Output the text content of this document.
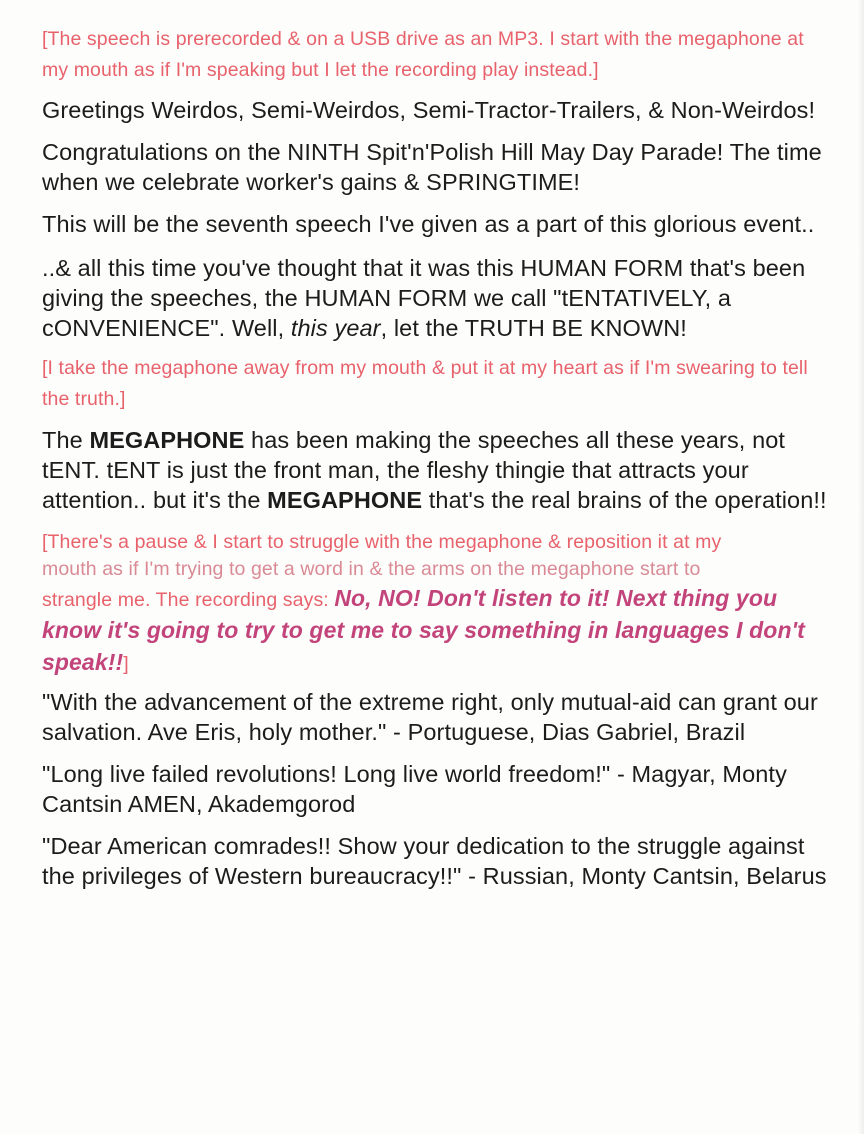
[The speech is prerecorded & on a USB drive as an MP3. I start with the megaphone at my mouth as if I'm speaking but I let the recording play instead.]

Greetings Weirdos, Semi-Weirdos, Semi-Tractor-Trailers, & Non-Weirdos!

Congratulations on the NINTH Spit'n'Polish Hill May Day Parade! The time when we celebrate worker's gains & SPRINGTIME!

This will be the seventh speech I've given as a part of this glorious event..

..& all this time you've thought that it was this HUMAN FORM that's been giving the speeches, the HUMAN FORM we call "tENTATIVELY, a cONVENIENCE". Well, this year, let the TRUTH BE KNOWN!

[I take the megaphone away from my mouth & put it at my heart as if I'm swearing to tell the truth.]

The MEGAPHONE has been making the speeches all these years, not tENT. tENT is just the front man, the fleshy thingie that attracts your attention.. but it's the MEGAPHONE that's the real brains of the operation!!

[There's a pause & I start to struggle with the megaphone & reposition it at my
mouth as if I'm trying to get a word in & the arms on the megaphone start to
strangle me. The recording says: No, NO! Don't listen to it! Next thing you know it's going to try to get me to say something in languages I don't speak!!]

"With the advancement of the extreme right, only mutual-aid can grant our salvation. Ave Eris, holy mother." - Portuguese, Dias Gabriel, Brazil

"Long live failed revolutions! Long live world freedom!" - Magyar, Monty Cantsin AMEN, Akademgorod

"Dear American comrades!! Show your dedication to the struggle against the privileges of Western bureaucracy!!" - Russian, Monty Cantsin, Belarus
